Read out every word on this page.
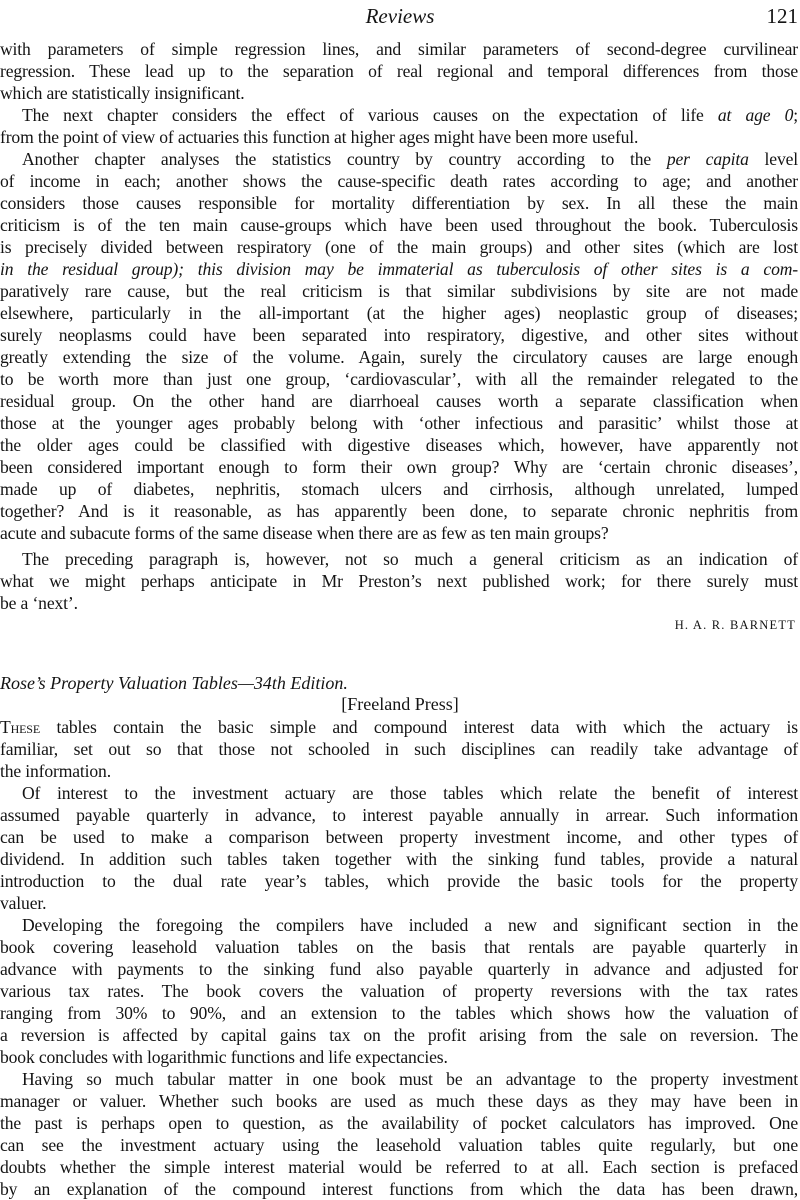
Reviews	121
with parameters of simple regression lines, and similar parameters of second-degree curvilinear
regression. These lead up to the separation of real regional and temporal differences from those
which are statistically insignificant.
The next chapter considers the effect of various causes on the expectation of life at age 0;
from the point of view of actuaries this function at higher ages might have been more useful.
Another chapter analyses the statistics country by country according to the per capita level
of income in each; another shows the cause-specific death rates according to age; and another
considers those causes responsible for mortality differentiation by sex. In all these the main
criticism is of the ten main cause-groups which have been used throughout the book. Tuberculosis
is precisely divided between respiratory (one of the main groups) and other sites (which are lost
in the residual group); this division may be immaterial as tuberculosis of other sites is a com-
paratively rare cause, but the real criticism is that similar subdivisions by site are not made
elsewhere, particularly in the all-important (at the higher ages) neoplastic group of diseases;
surely neoplasms could have been separated into respiratory, digestive, and other sites without
greatly extending the size of the volume. Again, surely the circulatory causes are large enough
to be worth more than just one group, ‘cardiovascular’, with all the remainder relegated to the
residual group. On the other hand are diarrhoeal causes worth a separate classification when
those at the younger ages probably belong with ‘other infectious and parasitic’ whilst those at
the older ages could be classified with digestive diseases which, however, have apparently not
been considered important enough to form their own group? Why are ‘certain chronic diseases’,
made up of diabetes, nephritis, stomach ulcers and cirrhosis, although unrelated, lumped
together? And is it reasonable, as has apparently been done, to separate chronic nephritis from
acute and subacute forms of the same disease when there are as few as ten main groups?
The preceding paragraph is, however, not so much a general criticism as an indication of
what we might perhaps anticipate in Mr Preston’s next published work; for there surely must
be a ‘next’.
H. A. R. BARNETT
Rose’s Property Valuation Tables—34th Edition.
[Freeland Press]
These tables contain the basic simple and compound interest data with which the actuary is
familiar, set out so that those not schooled in such disciplines can readily take advantage of
the information.
Of interest to the investment actuary are those tables which relate the benefit of interest
assumed payable quarterly in advance, to interest payable annually in arrear. Such information
can be used to make a comparison between property investment income, and other types of
dividend. In addition such tables taken together with the sinking fund tables, provide a natural
introduction to the dual rate year’s tables, which provide the basic tools for the property
valuer.
Developing the foregoing the compilers have included a new and significant section in the
book covering leasehold valuation tables on the basis that rentals are payable quarterly in
advance with payments to the sinking fund also payable quarterly in advance and adjusted for
various tax rates. The book covers the valuation of property reversions with the tax rates
ranging from 30% to 90%, and an extension to the tables which shows how the valuation of
a reversion is affected by capital gains tax on the profit arising from the sale on reversion. The
book concludes with logarithmic functions and life expectancies.
Having so much tabular matter in one book must be an advantage to the property investment
manager or valuer. Whether such books are used as much these days as they may have been in
the past is perhaps open to question, as the availability of pocket calculators has improved. One
can see the investment actuary using the leasehold valuation tables quite regularly, but one
doubts whether the simple interest material would be referred to at all. Each section is prefaced
by an explanation of the compound interest functions from which the data has been drawn,
